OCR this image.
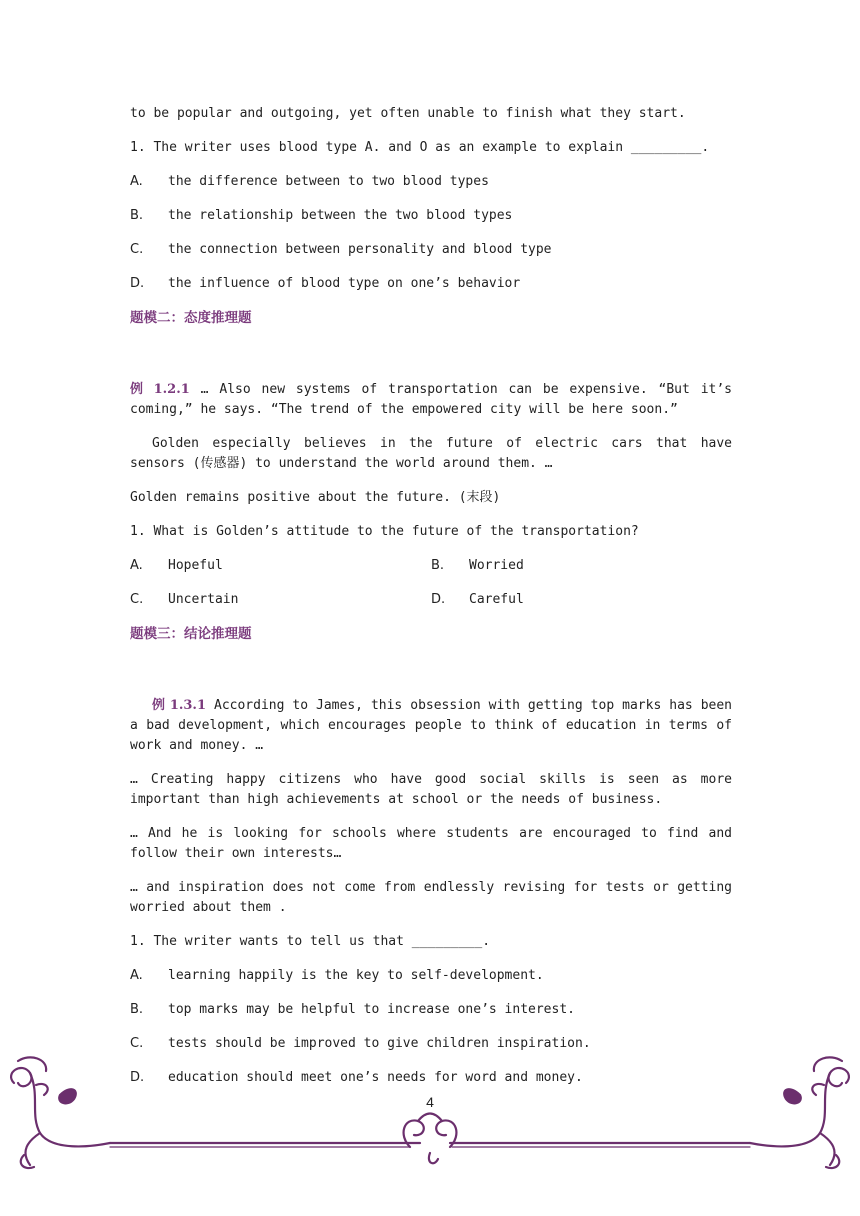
to be popular and outgoing, yet often unable to finish what they start.

1. The writer uses blood type A. and O as an example to explain _________.

A.	the difference between to two blood types
B.	the relationship between the two blood types
C.	the connection between personality and blood type
D.	the influence of blood type on one’s behavior
题模二：态度推理题

例 1.2.1 … Also new systems of transportation can be expensive. “But it’s coming,” he says. “The trend of the empowered city will be here soon.”

Golden especially believes in the future of electric cars that have sensors (传感器) to understand the world around them. …

Golden remains positive about the future. (末段)

1. What is Golden’s attitude to the future of the transportation?

A.	Hopeful	B.	Worried
C.	Uncertain	D.	Careful
题模三：结论推理题

例 1.3.1 According to James, this obsession with getting top marks has been a bad development, which encourages people to think of education in terms of work and money. …

… Creating happy citizens who have good social skills is seen as more important than high achievements at school or the needs of business.

… And he is looking for schools where students are encouraged to find and follow their own interests…

… and inspiration does not come from endlessly revising for tests or getting worried about them .

1. The writer wants to tell us that _________.

A.	learning happily is the key to self-development.
B.	top marks may be helpful to increase one’s interest.
C.	tests should be improved to give children inspiration.
D.	education should meet one’s needs for word and money.
4
